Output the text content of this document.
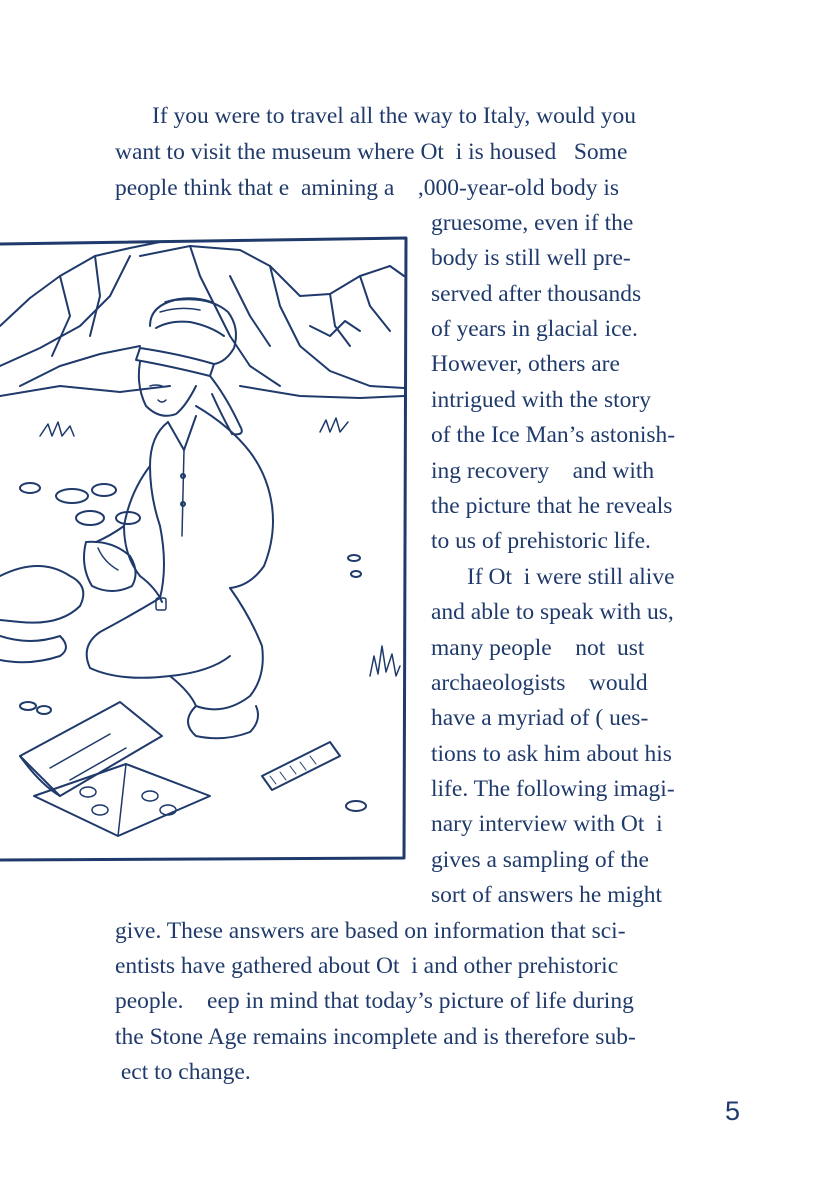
If you were to travel all the way to Italy, would you
want to visit the museum where Ot  i is housed   Some
people think that e  amining a    ,000-year-old body is
gruesome, even if the
body is still well pre-
served after thousands
of years in glacial ice.
However, others are
intrigued with the story
of the Ice Man’s astonish-
ing recovery    and with
the picture that he reveals
to us of prehistoric life.
If Ot  i were still alive
and able to speak with us,
many people    not  ust
archaeologists    would
have a myriad of ( ues-
tions to ask him about his
life. The following imagi-
nary interview with Ot  i
gives a sampling of the
sort of answers he might
give. These answers are based on information that sci-
entists have gathered about Ot  i and other prehistoric
people.    eep in mind that today’s picture of life during
the Stone Age remains incomplete and is therefore sub-
ect to change.
5
